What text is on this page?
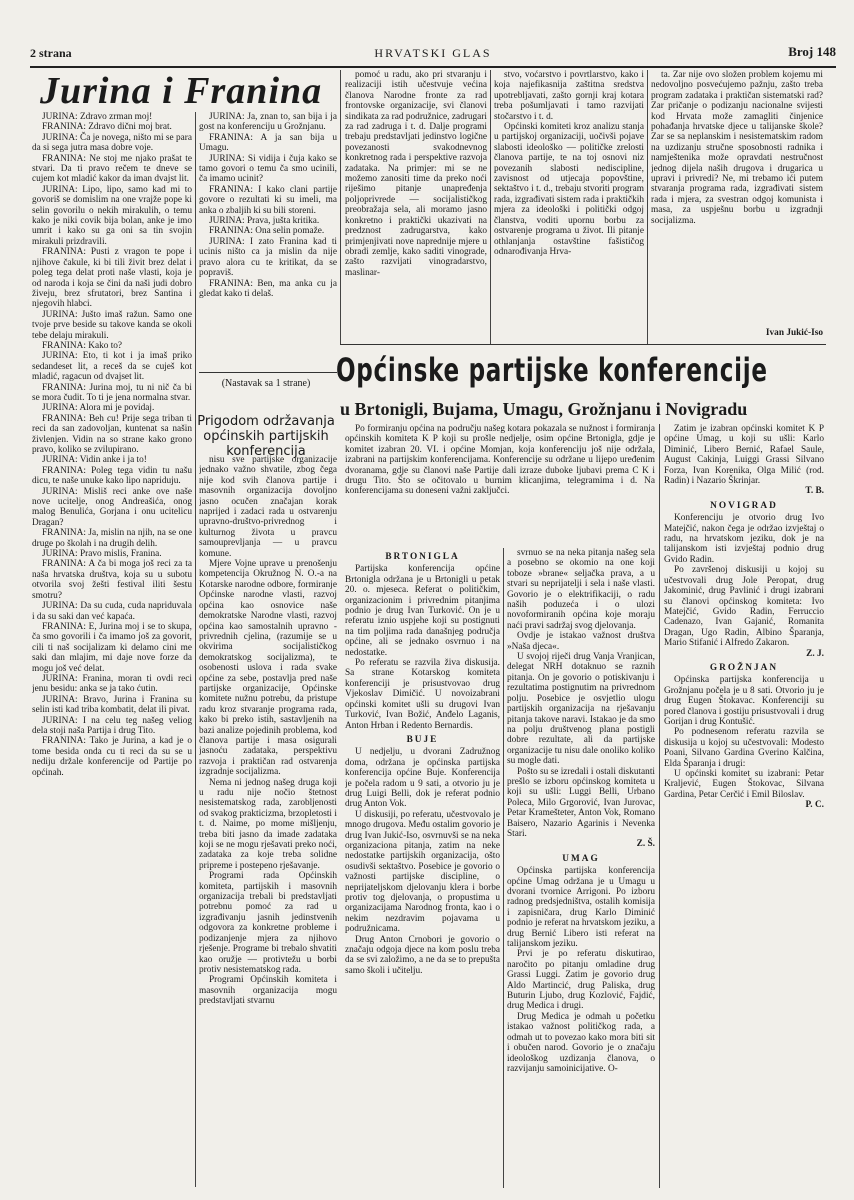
2 strana	HRVATSKI GLAS	Broj 148
Jurina i Franina

JURINA: Zdravo zrman moj!

FRANINA: Zdravo dični moj brat.

JURINA: Ča je novega, ništo mi se para da si sega jutra masa dobre voje.

FRANINA: Ne stoj me njako prašat te stvari. Da ti pravo rečem te dneve se cujem kot mladić kakor da iman dvajst lit.

JURINA: Lipo, lipo, samo kad mi to govoriš se domislim na one vrajže pope ki selin govorilu o nekih mirakulih, o temu kako je niki covik bija bolan, anke je imo umrit i kako su ga oni sa tin svojin mirakuli prizdravili.

FRANINA: Pusti z vragon te pope i njihove čakule, ki bi tili živit brez delat i poleg tega delat proti naše vlasti, koja je od naroda i koja se čini da naši judi dobro živeju, brez sfrutatori, brez Santina i njegovih hlabci.

JURINA: Jušto imaš ražun. Samo one tvoje prve beside su takove kanda se okoli tebe delaju mirakuli.

FRANINA: Kako to?

JURINA: Eto, ti kot i ja imaš priko sedandeset lit, a receš da se cuješ kot mladić, ragacun od dvajset lit.

FRANINA: Jurina moj, tu ni nič ča bi se mora čudit. To ti je jena normalna stvar.

JURINA: Alora mi je povidaj.

FRANINA: Beh cu! Prije sega triban ti reci da san zadovoljan, kuntenat sa našin živlenjen. Vidin na so strane kako grono pravo, koliko se zvilupirano.

JURINA: Vidin anke i ja to!

FRANINA: Poleg tega vidin tu našu dicu, te naše unuke kako lipo napriduju.

JURINA: Misliš reci anke ove naše nove ucitelje, onog Andreašića, onog malog Benulića, Gorjana i onu ucitelicu Dragan?

FRANINA: Ja, mislin na njih, na se one druge po školah i na drugih delih.

JURINA: Pravo mislis, Franina.

FRANINA: A ča bi moga još reci za ta naša hrvatska društva, koja su u subotu otvorila svoj žešti festival iliti šestu smotru?

JURINA: Da su cuda, cuda napriduvala i da su saki dan već kapaća.

FRANINA: E, Jurina moj i se to skupa, ča smo govorili i ča imamo još za govorit, cili ti naš socijalizam ki delamo cini me saki dan mlajim, mi daje nove forze da mogu još već delat.

JURINA: Franina, moran ti ovdi reci jenu besidu: anka se ja tako ćutin.

JURINA: Bravo, Jurina i Franina su selin isti kad triba kombatit, delat ili pivat.

JURINA: I na celu teg našeg veliog dela stoji naša Partija i drug Tito.

FRANINA: Tako je Jurina, a kad je o tome besida onda cu ti reci da su se u nediju držale konferencije od Partije po općinah.

JURINA: Ja, znan to, san bija i ja gost na konferenciju u Grožnjanu.

FRANINA: A ja san bija u Umagu.

JURINA: Si vidija i čuja kako se tamo govori o temu ča smo ucinili, ča imamo ucinit?

FRANINA: I kako clani partije govore o rezultati ki su imeli, ma anka o zbaljih ki su bili storeni.

JURINA: Prava, jušta kritika.

FRANINA: Ona selin pomaže.

JURINA: I zato Franina kad ti ucinis ništo ca ja mislin da nije pravo alora cu te kritikat, da se popraviš.

FRANINA: Ben, ma anka cu ja gledat kako ti delaš.

(Nastavak sa 1 strane)
Prigodom održavanja općinskih partijskih konferencija

nisu sve partijske organizacije jednako važno shvatile, zbog čega nije kod svih članova partije i masovnih organizacija dovoljno jasno ocučen značajan korak naprijed i zadaci rada u ostvarenju upravno-društvo-privrednog i kulturnog života u pravcu samouprevljanja — u pravcu komune.

Mjere Vojne uprave u prenošenju kompetencija Okružnog N. O.-a na Kotarske narodne odbore, formiranje Općinske narodne vlasti, razvoj općina kao osnovice naše demokratske Narodne vlasti, razvoj općina kao samostalnih upravno - privrednih cjelina, (razumije se u okvirima socijalističkog demokratskog socijalizma), te osobenosti uslova i rada svake općine za sebe, postavlja pred naše partijske organizacije, Općinske komitete nužnu potrebu, da pristupe radu kroz stvaranje programa rada, kako bi preko istih, sastavljenih na bazi analize pojedinih problema, kod članova partije i masa osigurali jasnoću zadataka, perspektivu razvoja i praktičan rad ostvarenja izgradnje socijalizma.

Nema ni jednog našeg druga koji u radu nije nočio štetnost nesistematskog rada, zarobljenosti od svakog prakticizma, brzopletosti i t. d. Naime, po mome mišljenju, treba biti jasno da imade zadataka koji se ne mogu rješavati preko noći, zadataka za koje treba solidne pripreme i postepeno rješavanje.

Programi rada Općinskih komiteta, partijskih i masovnih organizacija trebali bi predstavljati potrebnu pomoć za rad u izgrađivanju jasnih jedinstvenih odgovora za konkretne probleme i podizanjenje mjera za njihovo rješenje. Programe bi trebalo shvatiti kao oružje — protivtežu u borbi protiv nesistematskog rada.

Programi Općinskih komiteta i masovnih organizacija mogu predstavljati stvarnu

pomoć u radu, ako pri stvaranju i realizaciji istih učestvuje većina članova Narodne fronte za rad frontovske organizacije, svi članovi sindikata za rad podružnice, zadrugari za rad zadruga i t. d. Dalje programi trebaju predstavljati jedinstvo logične povezanosti svakodnevnog konkretnog rada i perspektive razvoja zadataka. Na primjer: mi se ne možemo zanositi time da preko noći riješimo pitanje unapređenja poljoprivrede — socijalističkog preobražaja sela, ali moramo jasno konkretno i praktički ukazivati na predznost zadrugarstva, kako primjenjivati nove naprednije mjere u obradi zemlje, kako saditi vinograde, zašto razvijati vinogradarstvo, maslinar-

stvo, voćarstvo i povrtlarstvo, kako i koja najefikasnija zaštitna sredstva upotrebljavati, zašto gornji kraj kotara treba pošumljavati i tamo razvijati stočarstvo i t. d.

Općinski komiteti kroz analizu stanja u partijskoj organizaciji, uočivši pojave slabosti ideološko — političke zrelosti članova partije, te na toj osnovi niz povezanih slabosti nediscipline, zavisnost od utjecaja popovštine, sektaštvo i t. d., trebaju stvoriti program rada, izgrađivati sistem rada i praktičkih mjera za ideološki i politički odgoj članstva, voditi upornu borbu za ostvarenje programa u život. Ili pitanje othlanjanja ostavštine fašističog odnarođivanja Hrva-

ta. Zar nije ovo složen problem kojemu mi nedovoljno posvećujemo pažnju, zašto treba program zadataka i praktičan sistematski rad? Zar pričanje o podizanju nacionalne svijesti kod Hrvata može zamagliti činjenice pohađanja hrvatske djece u talijanske škole? Zar se sa neplanskim i nesistematskim radom na uzdizanju stručne sposobnosti radnika i namještenika može opravdati nestručnost jednog dijela naših drugova i drugarica u upravi i privredi? Ne, mi trebamo ići putem stvaranja programa rada, izgrađivati sistem rada i mjera, za svestran odgoj komunista i masa, za uspješnu borbu u izgradnji socijalizma.

Ivan Jukić-Iso
Općinske partijske konferencije
u Brtonigli, Bujama, Umagu, Grožnjanu i Novigradu

Po formiranju općina na području našeg kotara pokazala se nužnost i formiranja općinskih komiteta K P koji su prošle nedjelje, osim općine Brtonigla, gdje je komitet izabran 20. VI. i općine Momjan, koja konferenciju još nije održala, izabrani na partijskim konferencijama. Konferencije su održane u lijepo uređenim dvoranama, gdje su članovi naše Partije dali izraze duboke ljubavi prema C K i drugu Tito. Što se očitovalo u burnim klicanjima, telegramima i d. Na konferencijama su doneseni važni zaključci.

BRTONIGLA

Partijska konferencija općine Brtonigla održana je u Brtonigli u petak 20. o. mjeseca. Referat o političkim, organizacionim i privrednim pitanjima podnio je drug Ivan Turković. On je u referatu iznio uspjehe koji su postignuti na tim poljima rada današnjeg područja općine, ali se jednako osvrnuo i na nedostatke.

Po referatu se razvila živa diskusija. Sa strane Kotarskog komiteta konferenciji je prisustvovao drug Vjekoslav Dimičić. U novoizabrani općinski komitet ušli su drugovi Ivan Turković, Ivan Božić, Anđelo Laganis, Anton Hrban i Redento Bernardis.

BUJE

U nedjelju, u dvorani Zadružnog doma, održana je općinska partijska konferencija općine Buje. Konferencija je počela radom u 9 sati, a otvorio ju je drug Luigi Belli, dok je referat podnio drug Anton Vok.

U diskusiji, po referatu, učestvovalo je mnogo drugova. Među ostalim govorio je drug Ivan Jukić-Iso, osvrnuvši se na neka organizaciona pitanja, zatim na neke nedostatke partijskih organizacija, ošto osudivši sektaštvo. Posebice je govorio o važnosti partijske discipline, o neprijateljskom djelovanju klera i borbe protiv tog djelovanja, o propustima u organizacijama Narodnog fronta, kao i o nekim nezdravim pojavama u podružnicama.

Drug Anton Crnobori je govorio o značaju odgoja djece na kom poslu treba da se svi založimo, a ne da se to prepušta samo školi i učitelju.

svrnuo se na neka pitanja našeg sela a posebno se okomio na one koji toboze »brane« seljačka prava, a u stvari su neprijatelji i sela i naše vlasti. Govorio je o elektrifikaciji, o radu naših poduzeća i o ulozi novoformiranih općina koje moraju naći pravi sadržaj svog djelovanja.

Ovdje je istakao važnost društva »Naša djeca«.

U svojoj riječi drug Vanja Vranjican, delegat NRH dotaknuo se raznih pitanja. On je govorio o potiskivanju i rezultatima postignutim na privrednom polju. Posebice je osvjetlio ulogu partijskih organizacija na rješavanju pitanja takove naravi. Istakao je da smo na polju društvenog plana postigli dobre rezultate, ali da partijske organizacije tu nisu dale onoliko koliko su mogle dati.

Pošto su se izredali i ostali diskutanti prešlo se izboru općinskog komiteta u koji su ušli: Luggi Belli, Urbano Poleca, Milo Grgorović, Ivan Jurovac, Petar Kramešteter, Anton Vok, Romano Baisero, Nazario Agarinis i Nevenka Stari.

Z. Š.

UMAG

Općinska partijska konferencija općine Umag održana je u Umagu u dvorani tvornice Arrigoni. Po izboru radnog predsjedništva, ostalih komisija i zapisničara, drug Karlo Diminić podnio je referat na hrvatskom jeziku, a drug Bernić Libero isti referat na talijanskom jeziku.

Prvi je po referatu diskutirao, naročito po pitanju omladine drug Grassi Luggi. Zatim je govorio drug Aldo Martincić, drug Paliska, drug Buturin Ljubo, drug Kozlović, Fajdić, drug Medica i drugi.

Drug Medica je odmah u početku istakao važnost političkog rada, a odmah ut to povezao kako mora biti sit i obučen narod. Govorio je o značaju ideološkog uzdizanja članova, o razvijanju samoinicijative. O-

Zatim je izabran općinski komitet K P općine Umag, u koji su ušli: Karlo Diminić, Libero Bernić, Rafael Saule, August Cakinja, Luiggi Grassi Silvano Forza, Ivan Korenika, Olga Milić (rod. Radin) i Nazario Škrinjar.

T. B.

NOVIGRAD

Konferenciju je otvorio drug Ivo Matejčić, nakon čega je održao izvještaj o radu, na hrvatskom jeziku, dok je na talijanskom isti izvještaj podnio drug Gvido Radin.

Po završenoj diskusiji u kojoj su učestvovali drug Jole Peropat, drug Jakominić, drug Pavlinić i drugi izabrani su članovi općinskog komiteta: Ivo Matejčić, Gvido Radin, Ferruccio Cadenazo, Ivan Gajanić, Romanita Dragan, Ugo Radin, Albino Šparanja, Mario Stifanić i Alfredo Zakaron.

Z. J.

GROŽNJAN

Općinska partijska konferencija u Grožnjanu počela je u 8 sati. Otvorio ju je drug Eugen Štokavac. Konferenciji su pored članova i gostiju prisustvovali i drug Gorijan i drug Kontušić.

Po podnesenom referatu razvila se diskusija u kojoj su učestvovali: Modesto Poani, Silvano Gardina Gverino Kalčina, Elda Šparanja i drugi:

U općinski komitet su izabrani: Petar Kraljević, Eugen Štokovac, Silvana Gardina, Petar Cerčić i Emil Biloslav.

P. C.
